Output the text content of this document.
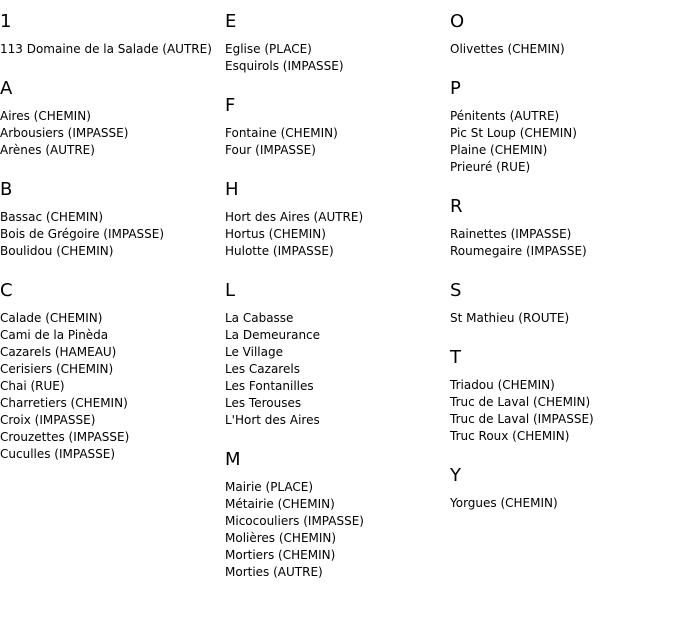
1
113 Domaine de la Salade (AUTRE)
A
Aires (CHEMIN)
Arbousiers (IMPASSE)
Arènes (AUTRE)
B
Bassac (CHEMIN)
Bois de Grégoire (IMPASSE)
Boulidou (CHEMIN)
C
Calade (CHEMIN)
Cami de la Pinèda
Cazarels (HAMEAU)
Cerisiers (CHEMIN)
Chai (RUE)
Charretiers (CHEMIN)
Croix (IMPASSE)
Crouzettes (IMPASSE)
Cuculles (IMPASSE)
E
Eglise (PLACE)
Esquirols (IMPASSE)
F
Fontaine (CHEMIN)
Four (IMPASSE)
H
Hort des Aires (AUTRE)
Hortus (CHEMIN)
Hulotte (IMPASSE)
L
La Cabasse
La Demeurance
Le Village
Les Cazarels
Les Fontanilles
Les Terouses
L'Hort des Aires
M
Mairie (PLACE)
Métairie (CHEMIN)
Micocouliers (IMPASSE)
Molières (CHEMIN)
Mortiers (CHEMIN)
Morties (AUTRE)
O
Olivettes (CHEMIN)
P
Pénitents (AUTRE)
Pic St Loup (CHEMIN)
Plaine (CHEMIN)
Prieuré (RUE)
R
Rainettes (IMPASSE)
Roumegaire (IMPASSE)
S
St Mathieu (ROUTE)
T
Triadou (CHEMIN)
Truc de Laval (CHEMIN)
Truc de Laval (IMPASSE)
Truc Roux (CHEMIN)
Y
Yorgues (CHEMIN)
